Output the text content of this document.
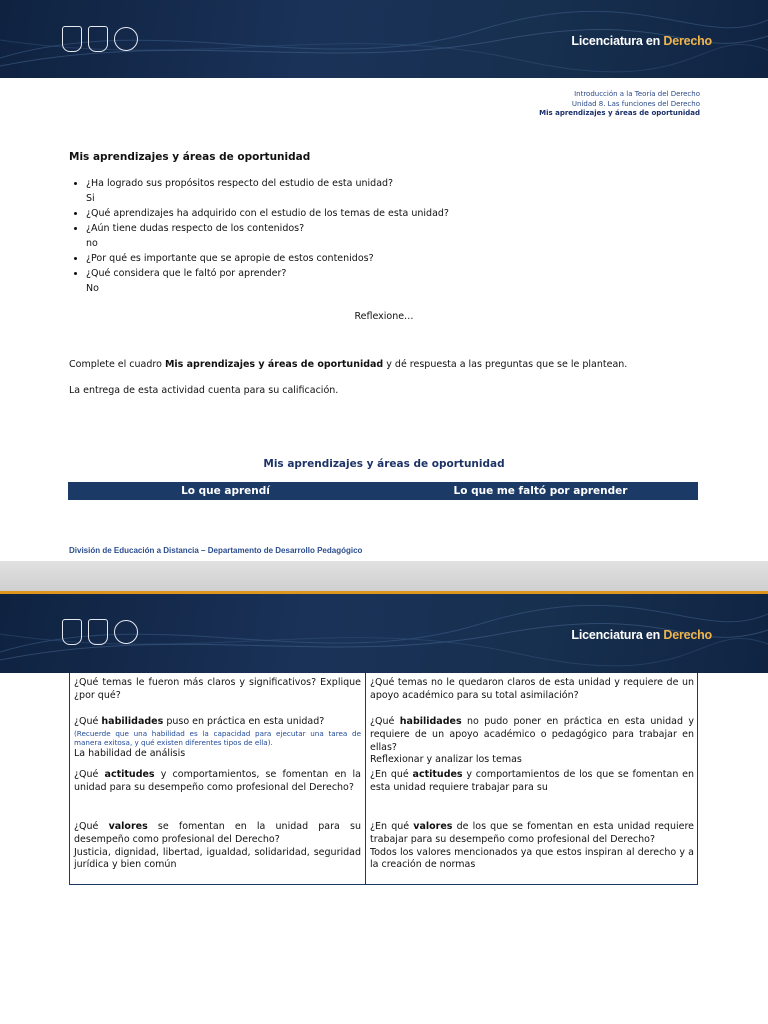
Licenciatura en Derecho
Introducción a la Teoría del Derecho
Unidad 8. Las funciones del Derecho
Mis aprendizajes y áreas de oportunidad
Mis aprendizajes y áreas de oportunidad
• ¿Ha logrado sus propósitos respecto del estudio de esta unidad?
Si
• ¿Qué aprendizajes ha adquirido con el estudio de los temas de esta unidad?
• ¿Aún tiene dudas respecto de los contenidos?
no
• ¿Por qué es importante que se apropie de estos contenidos?
• ¿Qué considera que le faltó por aprender?
No
Reflexione…
Complete el cuadro Mis aprendizajes y áreas de oportunidad y dé respuesta a las preguntas que se le plantean.
La entrega de esta actividad cuenta para su calificación.
Mis aprendizajes y áreas de oportunidad
Lo que aprendí	Lo que me faltó por aprender
División de Educación a Distancia – Departamento de Desarrollo Pedagógico
Licenciatura en Derecho
¿Qué temas le fueron más claros y significativos? Explique ¿por qué?
¿Qué temas no le quedaron claros de esta unidad y requiere de un apoyo académico para su total asimilación?
¿Qué habilidades puso en práctica en esta unidad?
(Recuerde que una habilidad es la capacidad para ejecutar una tarea de manera exitosa, y qué existen diferentes tipos de ella).
La habilidad de análisis
¿Qué habilidades no pudo poner en práctica en esta unidad y requiere de un apoyo académico o pedagógico para trabajar en ellas?
Reflexionar y analizar los temas
¿Qué actitudes y comportamientos, se fomentan en la unidad para su desempeño como profesional del Derecho?
¿En qué actitudes y comportamientos de los que se fomentan en esta unidad requiere trabajar para su
¿Qué valores se fomentan en la unidad para su desempeño como profesional del Derecho?
Justicia, dignidad, libertad, igualdad, solidaridad, seguridad jurídica y bien común
¿En qué valores de los que se fomentan en esta unidad requiere trabajar para su desempeño como profesional del Derecho?
Todos los valores mencionados ya que estos inspiran al derecho y a la creación de normas
